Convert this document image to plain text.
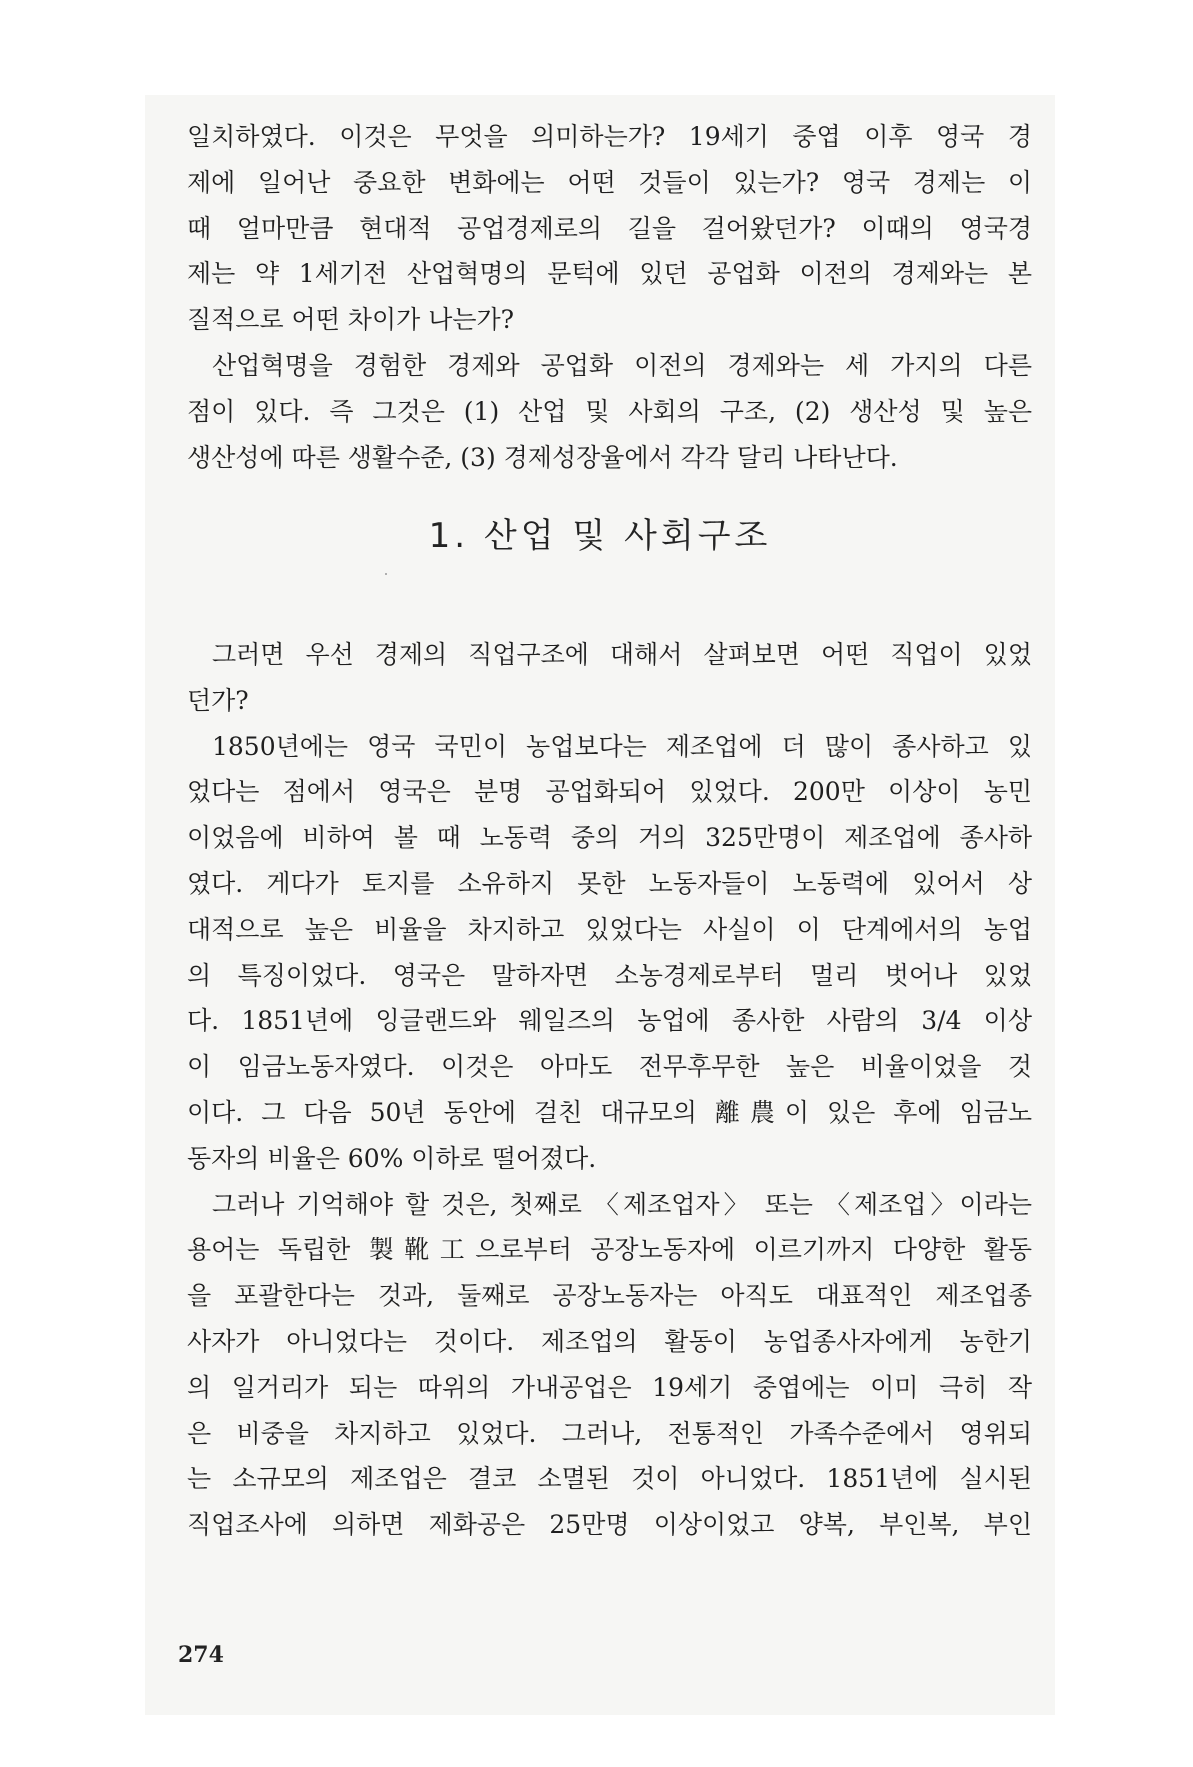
일치하였다. 이것은 무엇을 의미하는가? 19세기 중엽 이후 영국 경
제에 일어난 중요한 변화에는 어떤 것들이 있는가? 영국 경제는 이
때 얼마만큼 현대적 공업경제로의 길을 걸어왔던가? 이때의 영국경
제는 약 1세기전 산업혁명의 문턱에 있던 공업화 이전의 경제와는 본
질적으로 어떤 차이가 나는가?

산업혁명을 경험한 경제와 공업화 이전의 경제와는 세 가지의 다른
점이 있다. 즉 그것은 (1) 산업 및 사회의 구조, (2) 생산성 및 높은
생산성에 따른 생활수준, (3) 경제성장율에서 각각 달리 나타난다.

1. 산업 및 사회구조

그러면 우선 경제의 직업구조에 대해서 살펴보면 어떤 직업이 있었
던가?

1850년에는 영국 국민이 농업보다는 제조업에 더 많이 종사하고 있
었다는 점에서 영국은 분명 공업화되어 있었다. 200만 이상이 농민
이었음에 비하여 볼 때 노동력 중의 거의 325만명이 제조업에 종사하
였다. 게다가 토지를 소유하지 못한 노동자들이 노동력에 있어서 상
대적으로 높은 비율을 차지하고 있었다는 사실이 이 단계에서의 농업
의 특징이었다. 영국은 말하자면 소농경제로부터 멀리 벗어나 있었
다. 1851년에 잉글랜드와 웨일즈의 농업에 종사한 사람의 3/4 이상
이 임금노동자였다. 이것은 아마도 전무후무한 높은 비율이었을 것
이다. 그 다음 50년 동안에 걸친 대규모의 離農이 있은 후에 임금노
동자의 비율은 60% 이하로 떨어졌다.

그러나 기억해야 할 것은, 첫째로 〈제조업자〉 또는 〈제조업〉이라는
용어는 독립한 製靴工으로부터 공장노동자에 이르기까지 다양한 활동
을 포괄한다는 것과, 둘째로 공장노동자는 아직도 대표적인 제조업종
사자가 아니었다는 것이다. 제조업의 활동이 농업종사자에게 농한기
의 일거리가 되는 따위의 가내공업은 19세기 중엽에는 이미 극히 작
은 비중을 차지하고 있었다. 그러나, 전통적인 가족수준에서 영위되
는 소규모의 제조업은 결코 소멸된 것이 아니었다. 1851년에 실시된
직업조사에 의하면 제화공은 25만명 이상이었고 양복, 부인복, 부인

274
